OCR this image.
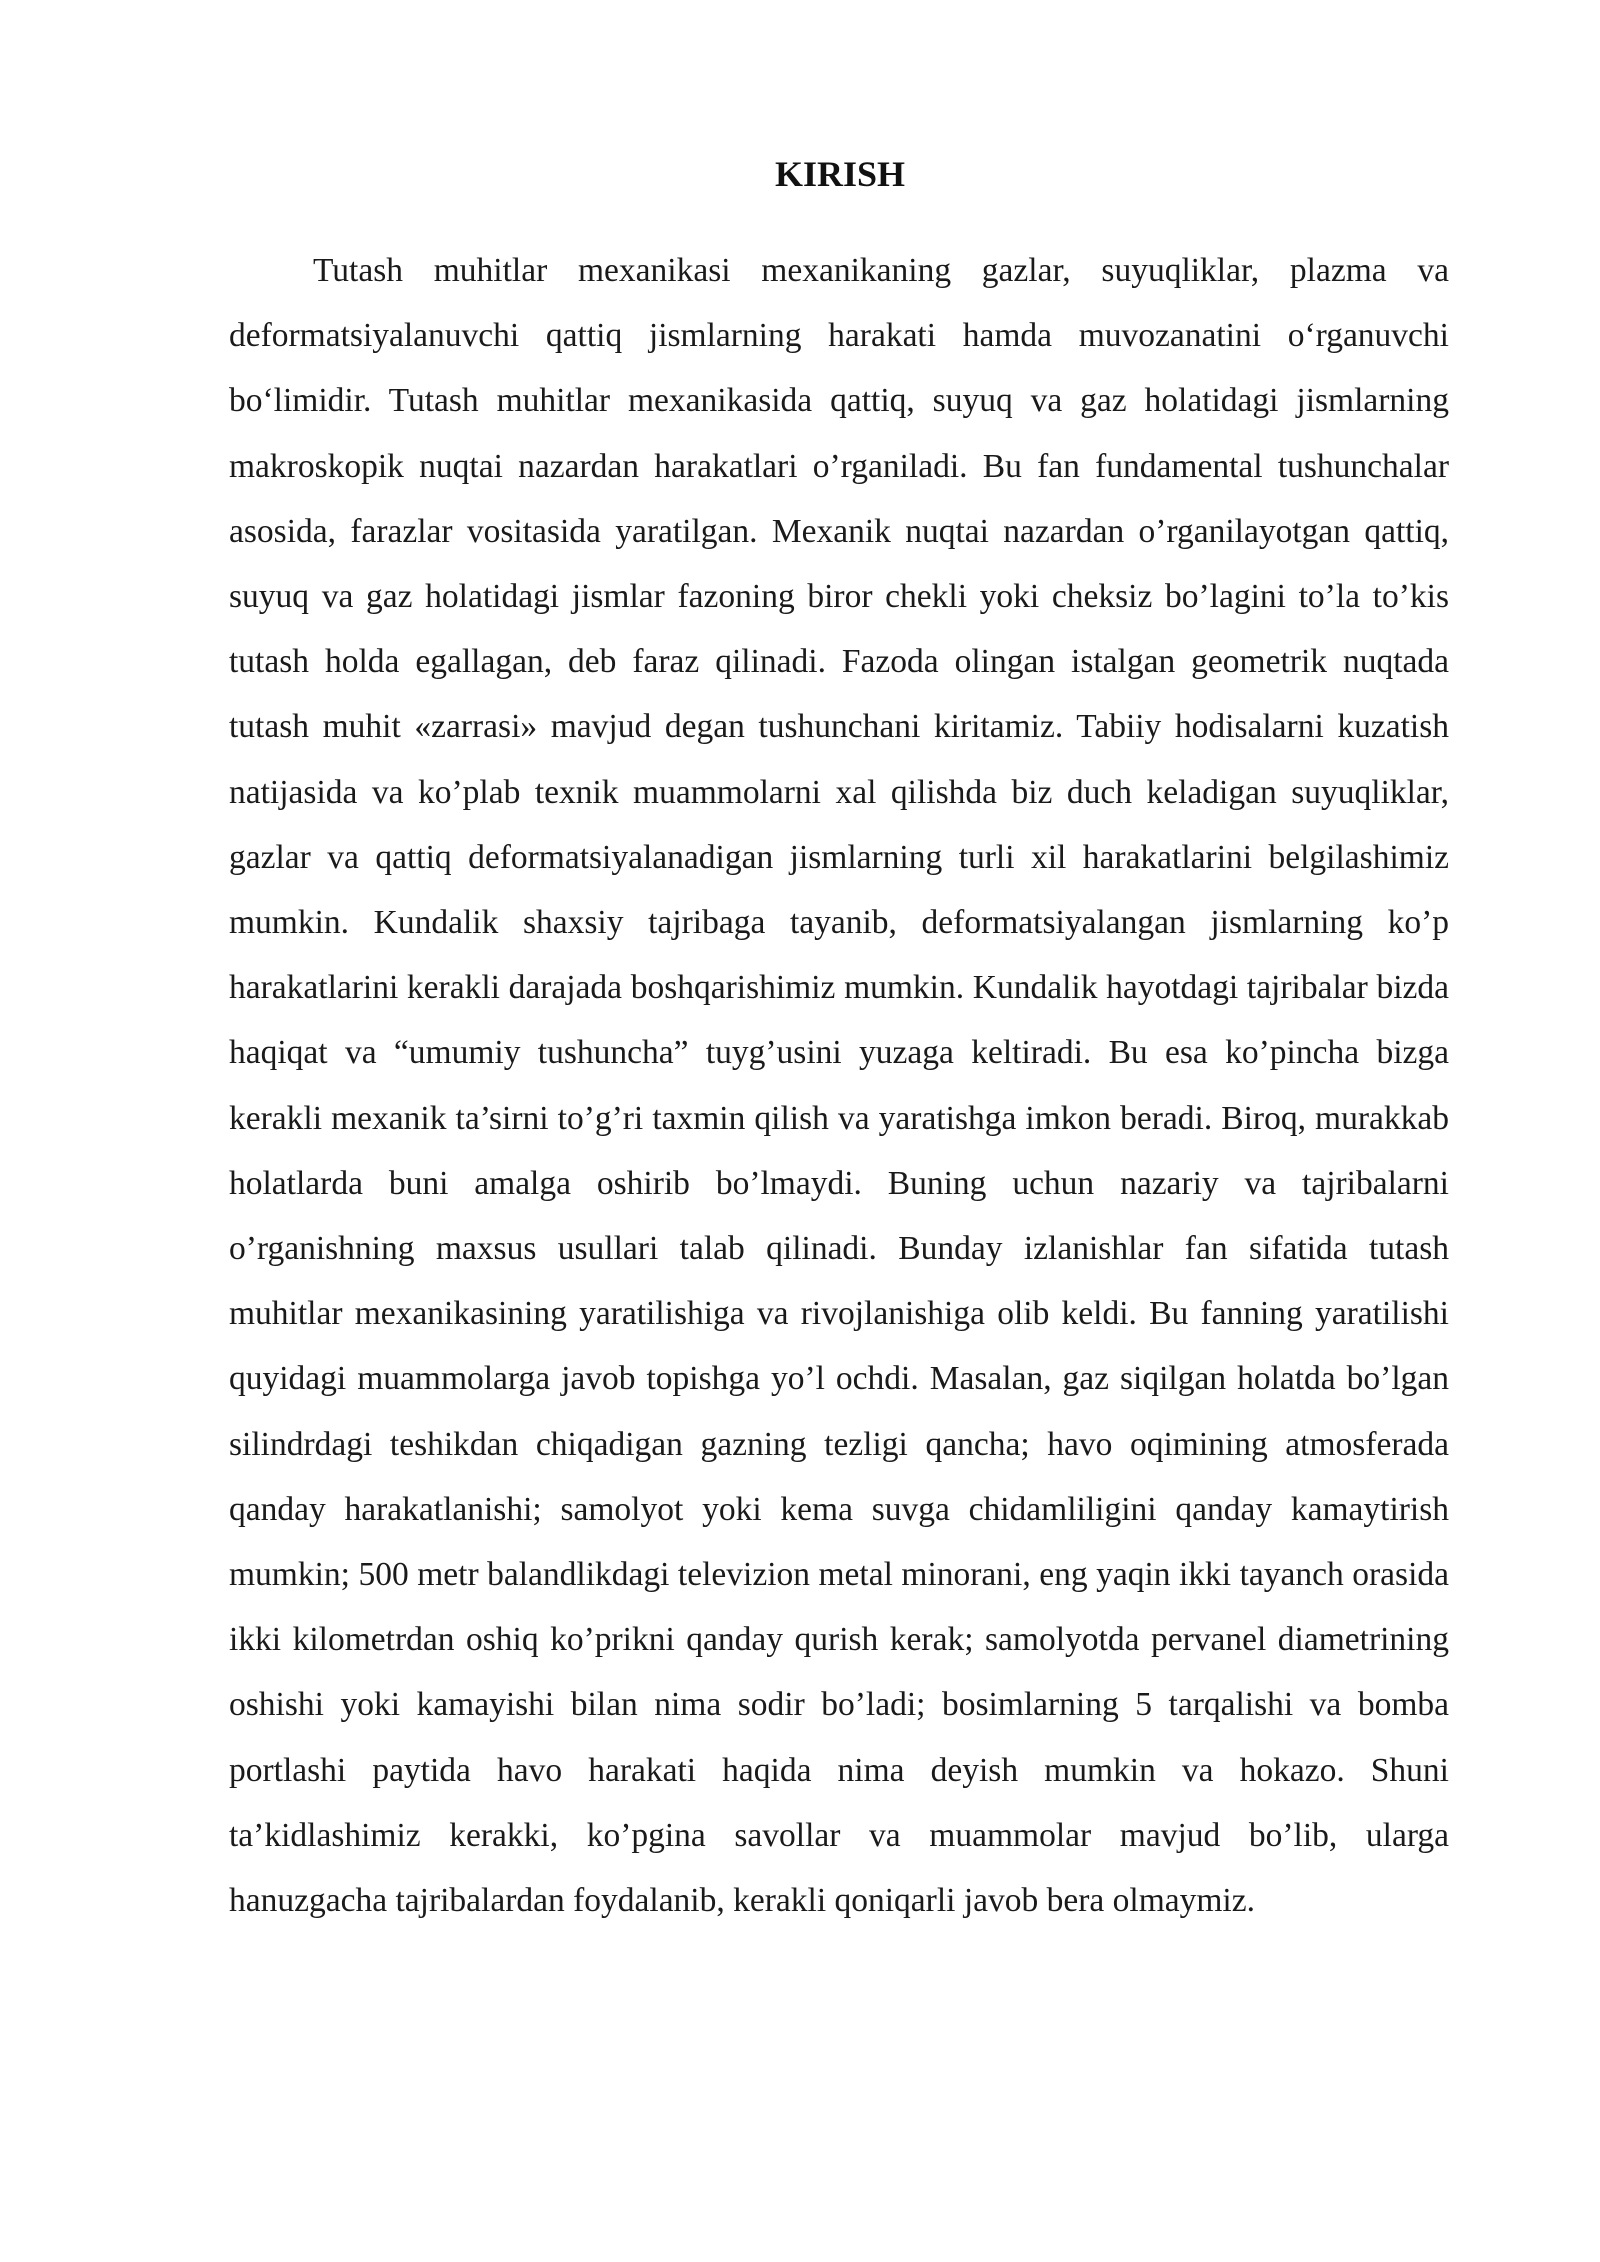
KIRISH

Tutash muhitlar mexanikasi mexanikaning gazlar, suyuqliklar, plazma va deformatsiyalanuvchi qattiq jismlarning harakati hamda muvozanatini o‘rganuvchi bo‘limidir. Tutash muhitlar mexanikasida qattiq, suyuq va gaz holatidagi jismlarning makroskopik nuqtai nazardan harakatlari o’rganiladi. Bu fan fundamental tushunchalar asosida, farazlar vositasida yaratilgan. Mexanik nuqtai nazardan o’rganilayotgan qattiq, suyuq va gaz holatidagi jismlar fazoning biror chekli yoki cheksiz bo’lagini to’la to’kis tutash holda egallagan, deb faraz qilinadi. Fazoda olingan istalgan geometrik nuqtada tutash muhit «zarrasi» mavjud degan tushunchani kiritamiz. Tabiiy hodisalarni kuzatish natijasida va ko’plab texnik muammolarni xal qilishda biz duch keladigan suyuqliklar, gazlar va qattiq deformatsiyalanadigan jismlarning turli xil harakatlarini belgilashimiz mumkin. Kundalik shaxsiy tajribaga tayanib, deformatsiyalangan jismlarning ko’p harakatlarini kerakli darajada boshqarishimiz mumkin. Kundalik hayotdagi tajribalar bizda haqiqat va “umumiy tushuncha” tuyg’usini yuzaga keltiradi. Bu esa ko’pincha bizga kerakli mexanik ta’sirni to’g’ri taxmin qilish va yaratishga imkon beradi. Biroq, murakkab holatlarda buni amalga oshirib bo’lmaydi. Buning uchun nazariy va tajribalarni o’rganishning maxsus usullari talab qilinadi. Bunday izlanishlar fan sifatida tutash muhitlar mexanikasining yaratilishiga va rivojlanishiga olib keldi. Bu fanning yaratilishi quyidagi muammolarga javob topishga yo’l ochdi. Masalan, gaz siqilgan holatda bo’lgan silindrdagi teshikdan chiqadigan gazning tezligi qancha; havo oqimining atmosferada qanday harakatlanishi; samolyot yoki kema suvga chidamliligini qanday kamaytirish mumkin; 500 metr balandlikdagi televizion metal minorani, eng yaqin ikki tayanch orasida ikki kilometrdan oshiq ko’prikni qanday qurish kerak; samolyotda pervanel diametrining oshishi yoki kamayishi bilan nima sodir bo’ladi; bosimlarning 5 tarqalishi va bomba portlashi paytida havo harakati haqida nima deyish mumkin va hokazo. Shuni ta’kidlashimiz kerakki, ko’pgina savollar va muammolar mavjud bo’lib, ularga hanuzgacha tajribalardan foydalanib, kerakli qoniqarli javob bera olmaymiz.
